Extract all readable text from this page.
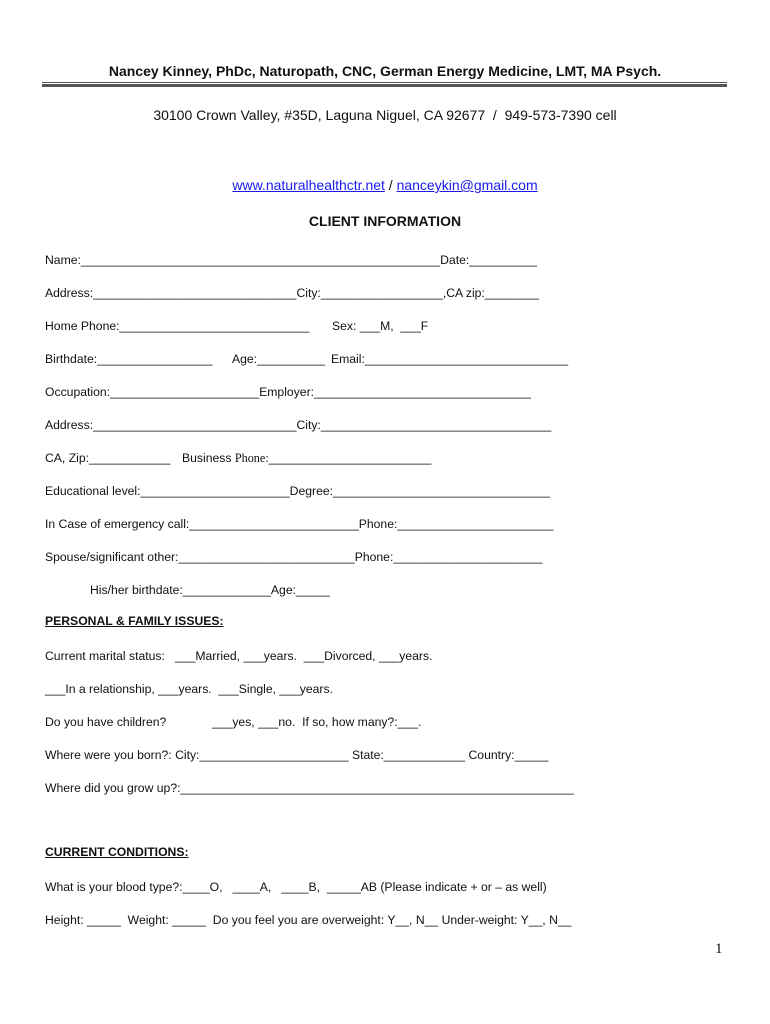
Nancey Kinney, PhDc, Naturopath, CNC, German Energy Medicine, LMT, MA Psych.
30100 Crown Valley, #35D, Laguna Niguel, CA 92677  /  949-573-7390 cell
www.naturalhealthctr.net / nanceykin@gmail.com
CLIENT INFORMATION
Name:_____________________________________________________Date:__________
Address:______________________________City:__________________,CA zip:________
Home Phone:____________________________ Sex: ___M,  ___F
Birthdate:_________________ Age:__________ Email:______________________________
Occupation:______________________Employer:________________________________
Address:______________________________City:__________________________________
CA, Zip:____________ Business Phone:________________________
Educational level:______________________Degree:________________________________
In Case of emergency call:_________________________Phone:_______________________
Spouse/significant other:__________________________Phone:______________________
His/her birthdate:_____________Age:_____
PERSONAL & FAMILY ISSUES:
Current marital status:   ___Married, ___years.  ___Divorced, ___years.
___In a relationship, ___years.  ___Single, ___years.
Do you have children?	___yes, ___no.  If so, how many?:___.
Where were you born?: City:______________________ State:____________ Country:_____
Where did you grow up?:__________________________________________________________
CURRENT CONDITIONS:
What is your blood type?:____O,   ____A,   ____B,  _____AB (Please indicate + or – as well)
Height: _____  Weight: _____  Do you feel you are overweight: Y__, N__ Under-weight: Y__, N__
1
